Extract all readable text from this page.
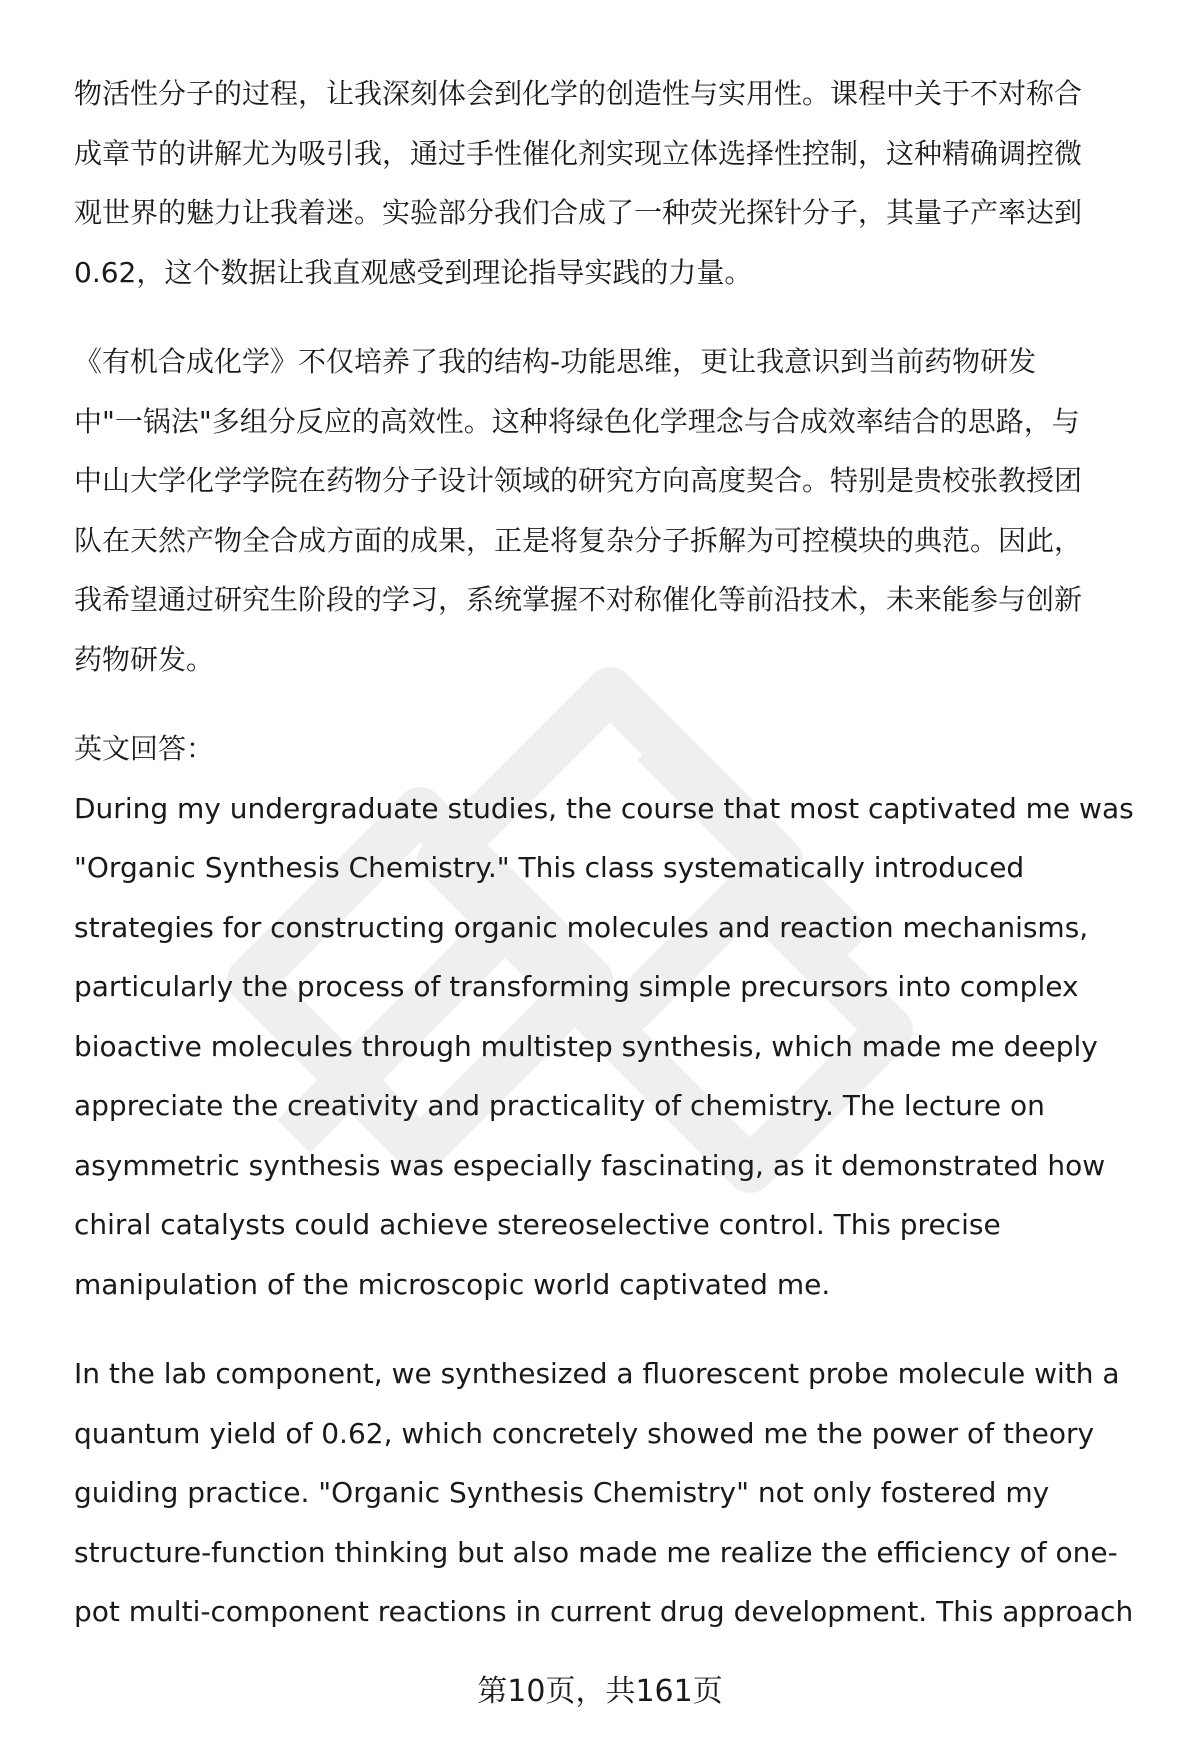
物活性分子的过程，让我深刻体会到化学的创造性与实用性。课程中关于不对称合
成章节的讲解尤为吸引我，通过手性催化剂实现立体选择性控制，这种精确调控微
观世界的魅力让我着迷。实验部分我们合成了一种荧光探针分子，其量子产率达到
0.62，这个数据让我直观感受到理论指导实践的力量。

《有机合成化学》不仅培养了我的结构-功能思维，更让我意识到当前药物研发
中"一锅法"多组分反应的高效性。这种将绿色化学理念与合成效率结合的思路，与
中山大学化学学院在药物分子设计领域的研究方向高度契合。特别是贵校张教授团
队在天然产物全合成方面的成果，正是将复杂分子拆解为可控模块的典范。因此，
我希望通过研究生阶段的学习，系统掌握不对称催化等前沿技术，未来能参与创新
药物研发。

英文回答：

During my undergraduate studies, the course that most captivated me was
"Organic Synthesis Chemistry." This class systematically introduced
strategies for constructing organic molecules and reaction mechanisms,
particularly the process of transforming simple precursors into complex
bioactive molecules through multistep synthesis, which made me deeply
appreciate the creativity and practicality of chemistry. The lecture on
asymmetric synthesis was especially fascinating, as it demonstrated how
chiral catalysts could achieve stereoselective control. This precise
manipulation of the microscopic world captivated me.

In the lab component, we synthesized a fluorescent probe molecule with a
quantum yield of 0.62, which concretely showed me the power of theory
guiding practice. "Organic Synthesis Chemistry" not only fostered my
structure-function thinking but also made me realize the efficiency of one-
pot multi-component reactions in current drug development. This approach

第10页，共161页
